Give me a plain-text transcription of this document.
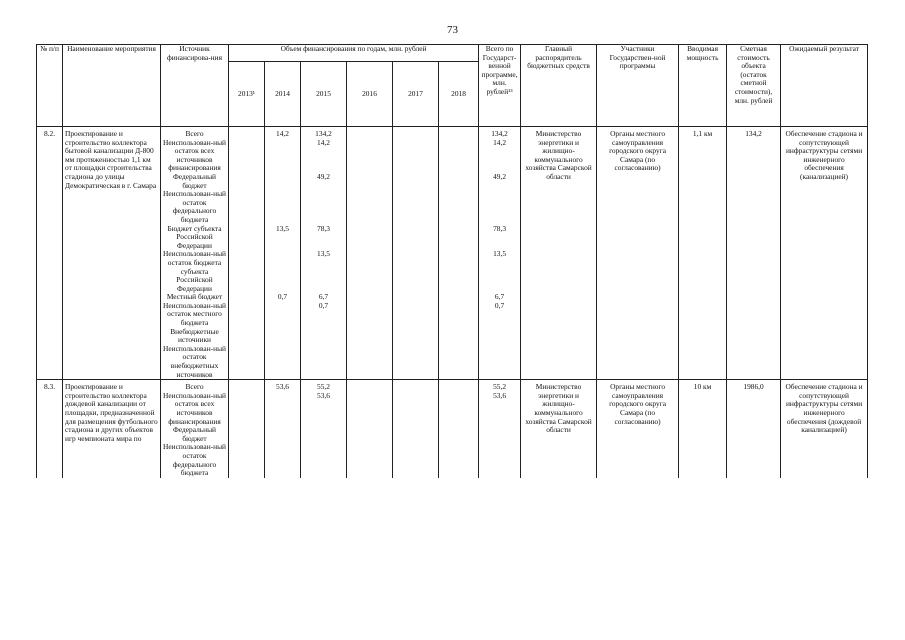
73
№ п/п	Наименование мероприятия	Источник финансирова-ния	Объем финансирования по годам, млн. рублей						Всего по Государст-венной программе, млн. рублей¹³	Главный распорядитель бюджетных средств	Участники Государствен-ной программы	Вводимая мощность	Сметная стоимость объекта (остаток сметной стоимости), млн. рублей	Ожидаемый результат
			2013¹	2014	2015	2016	2017	2018						
8.2.	Проектирование и строительство коллектора бытовой канализации Д-800 мм протяженностью 1,1 км от площадки строительства стадиона до улицы Демократическая в г. Самара	Всего		14,2	134,2				134,2	Министерство энергетики и жилищно-коммунального хозяйства Самарской области	Органы местного самоуправления городского округа Самара (по согласованию)	1,1 км	134,2	Обеспечение стадиона и сопутствующей инфраструктуры сетями инженерного обеспечения (канализацией)
		Неиспользован-ный остаток всех источников финансирования			14,2				14,2					
		Федеральный бюджет			49,2				49,2					
		Неиспользован-ный остаток федерального бюджета												
		Бюджет субъекта Российской Федерации		13,5	78,3				78,3					
		Неиспользован-ный остаток бюджета субъекта Российской Федерации			13,5				13,5					
		Местный бюджет		0,7	6,7				6,7					
		Неиспользован-ный остаток местного бюджета			0,7				0,7					
		Внебюджетные источники												
		Неиспользован-ный остаток внебюджетных источников												
8.3.	Проектирование и строительство коллектора дождевой канализации от площадки, предназначенной для размещения футбольного стадиона и других объектов игр чемпионата мира по	Всего		53,6	55,2				55,2	Министерство энергетики и жилищно-коммунального хозяйства Самарской области	Органы местного самоуправления городского округа Самара (по согласованию)	10 км	1986,0	Обеспечение стадиона и сопутствующей инфраструктуры сетями инженерного обеспечения (дождевой канализацией)
		Неиспользован-ный остаток всех источников финансирования			53,6				53,6					
		Федеральный бюджет												
		Неиспользован-ный остаток федерального бюджета												
